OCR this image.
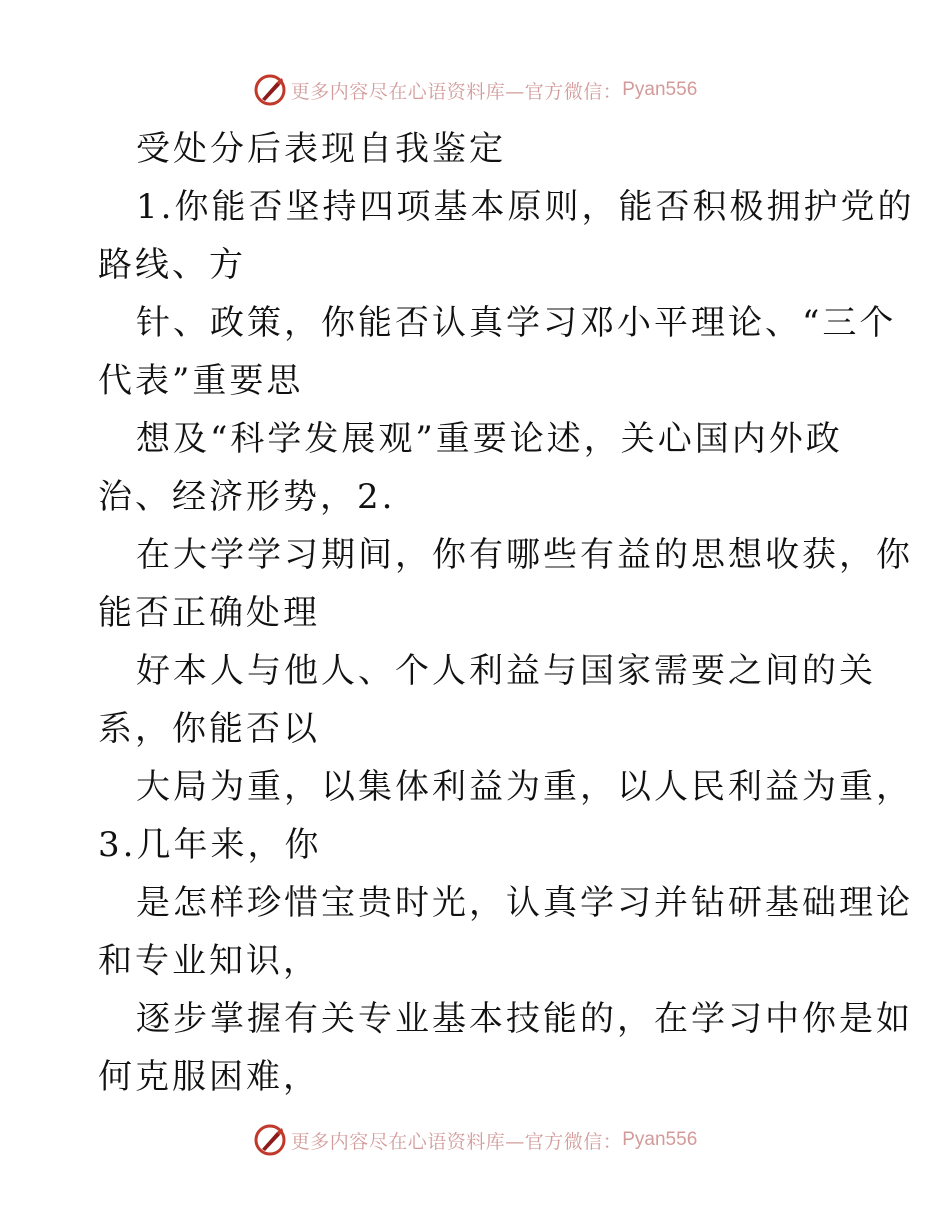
更多内容尽在心语资料库—官方微信： Pyan556
受处分后表现自我鉴定
1.你能否坚持四项基本原则，能否积极拥护党的
路线、方
针、政策，你能否认真学习邓小平理论、“三个
代表”重要思
想及“科学发展观”重要论述，关心国内外政
治、经济形势，2.
在大学学习期间，你有哪些有益的思想收获，你
能否正确处理
好本人与他人、个人利益与国家需要之间的关
系，你能否以
大局为重，以集体利益为重，以人民利益为重，
3.几年来，你
是怎样珍惜宝贵时光，认真学习并钻研基础理论
和专业知识，
逐步掌握有关专业基本技能的，在学习中你是如
何克服困难，
更多内容尽在心语资料库—官方微信： Pyan556
